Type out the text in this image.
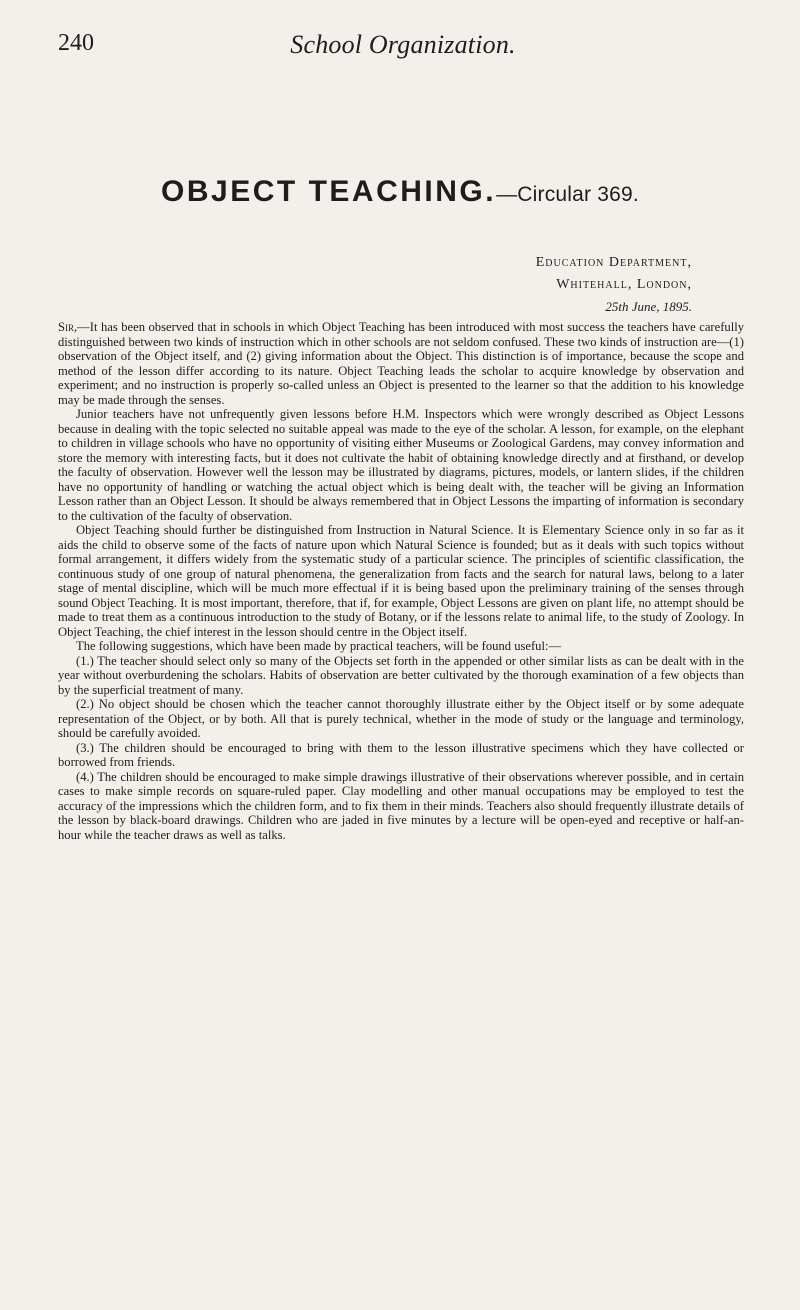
240	School Organization.
OBJECT TEACHING.—Circular 369.
Education Department,
Whitehall, London,
25th June, 1895.

Sir,—It has been observed that in schools in which Object Teaching has been introduced with most success the teachers have carefully distinguished between two kinds of instruction which in other schools are not seldom confused. These two kinds of instruction are—(1) observation of the Object itself, and (2) giving information about the Object. This distinction is of importance, because the scope and method of the lesson differ according to its nature. Object Teaching leads the scholar to acquire knowledge by observation and experiment; and no instruction is properly so-called unless an Object is presented to the learner so that the addition to his knowledge may be made through the senses.

Junior teachers have not unfrequently given lessons before H.M. Inspectors which were wrongly described as Object Lessons because in dealing with the topic selected no suitable appeal was made to the eye of the scholar. A lesson, for example, on the elephant to children in village schools who have no opportunity of visiting either Museums or Zoological Gardens, may convey information and store the memory with interesting facts, but it does not cultivate the habit of obtaining knowledge directly and at firsthand, or develop the faculty of observation. However well the lesson may be illustrated by diagrams, pictures, models, or lantern slides, if the children have no opportunity of handling or watching the actual object which is being dealt with, the teacher will be giving an Information Lesson rather than an Object Lesson. It should be always remembered that in Object Lessons the imparting of information is secondary to the cultivation of the faculty of observation.

Object Teaching should further be distinguished from Instruction in Natural Science. It is Elementary Science only in so far as it aids the child to observe some of the facts of nature upon which Natural Science is founded; but as it deals with such topics without formal arrangement, it differs widely from the systematic study of a particular science. The principles of scientific classification, the continuous study of one group of natural phenomena, the generalization from facts and the search for natural laws, belong to a later stage of mental discipline, which will be much more effectual if it is being based upon the preliminary training of the senses through sound Object Teaching. It is most important, therefore, that if, for example, Object Lessons are given on plant life, no attempt should be made to treat them as a continuous introduction to the study of Botany, or if the lessons relate to animal life, to the study of Zoology. In Object Teaching, the chief interest in the lesson should centre in the Object itself.

The following suggestions, which have been made by practical teachers, will be found useful:—

(1.) The teacher should select only so many of the Objects set forth in the appended or other similar lists as can be dealt with in the year without overburdening the scholars. Habits of observation are better cultivated by the thorough examination of a few objects than by the superficial treatment of many.

(2.) No object should be chosen which the teacher cannot thoroughly illustrate either by the Object itself or by some adequate representation of the Object, or by both. All that is purely technical, whether in the mode of study or the language and terminology, should be carefully avoided.

(3.) The children should be encouraged to bring with them to the lesson illustrative specimens which they have collected or borrowed from friends.

(4.) The children should be encouraged to make simple drawings illustrative of their observations wherever possible, and in certain cases to make simple records on square-ruled paper. Clay modelling and other manual occupations may be employed to test the accuracy of the impressions which the children form, and to fix them in their minds. Teachers also should frequently illustrate details of the lesson by black-board drawings. Children who are jaded in five minutes by a lecture will be open-eyed and receptive or half-an-hour while the teacher draws as well as talks.
